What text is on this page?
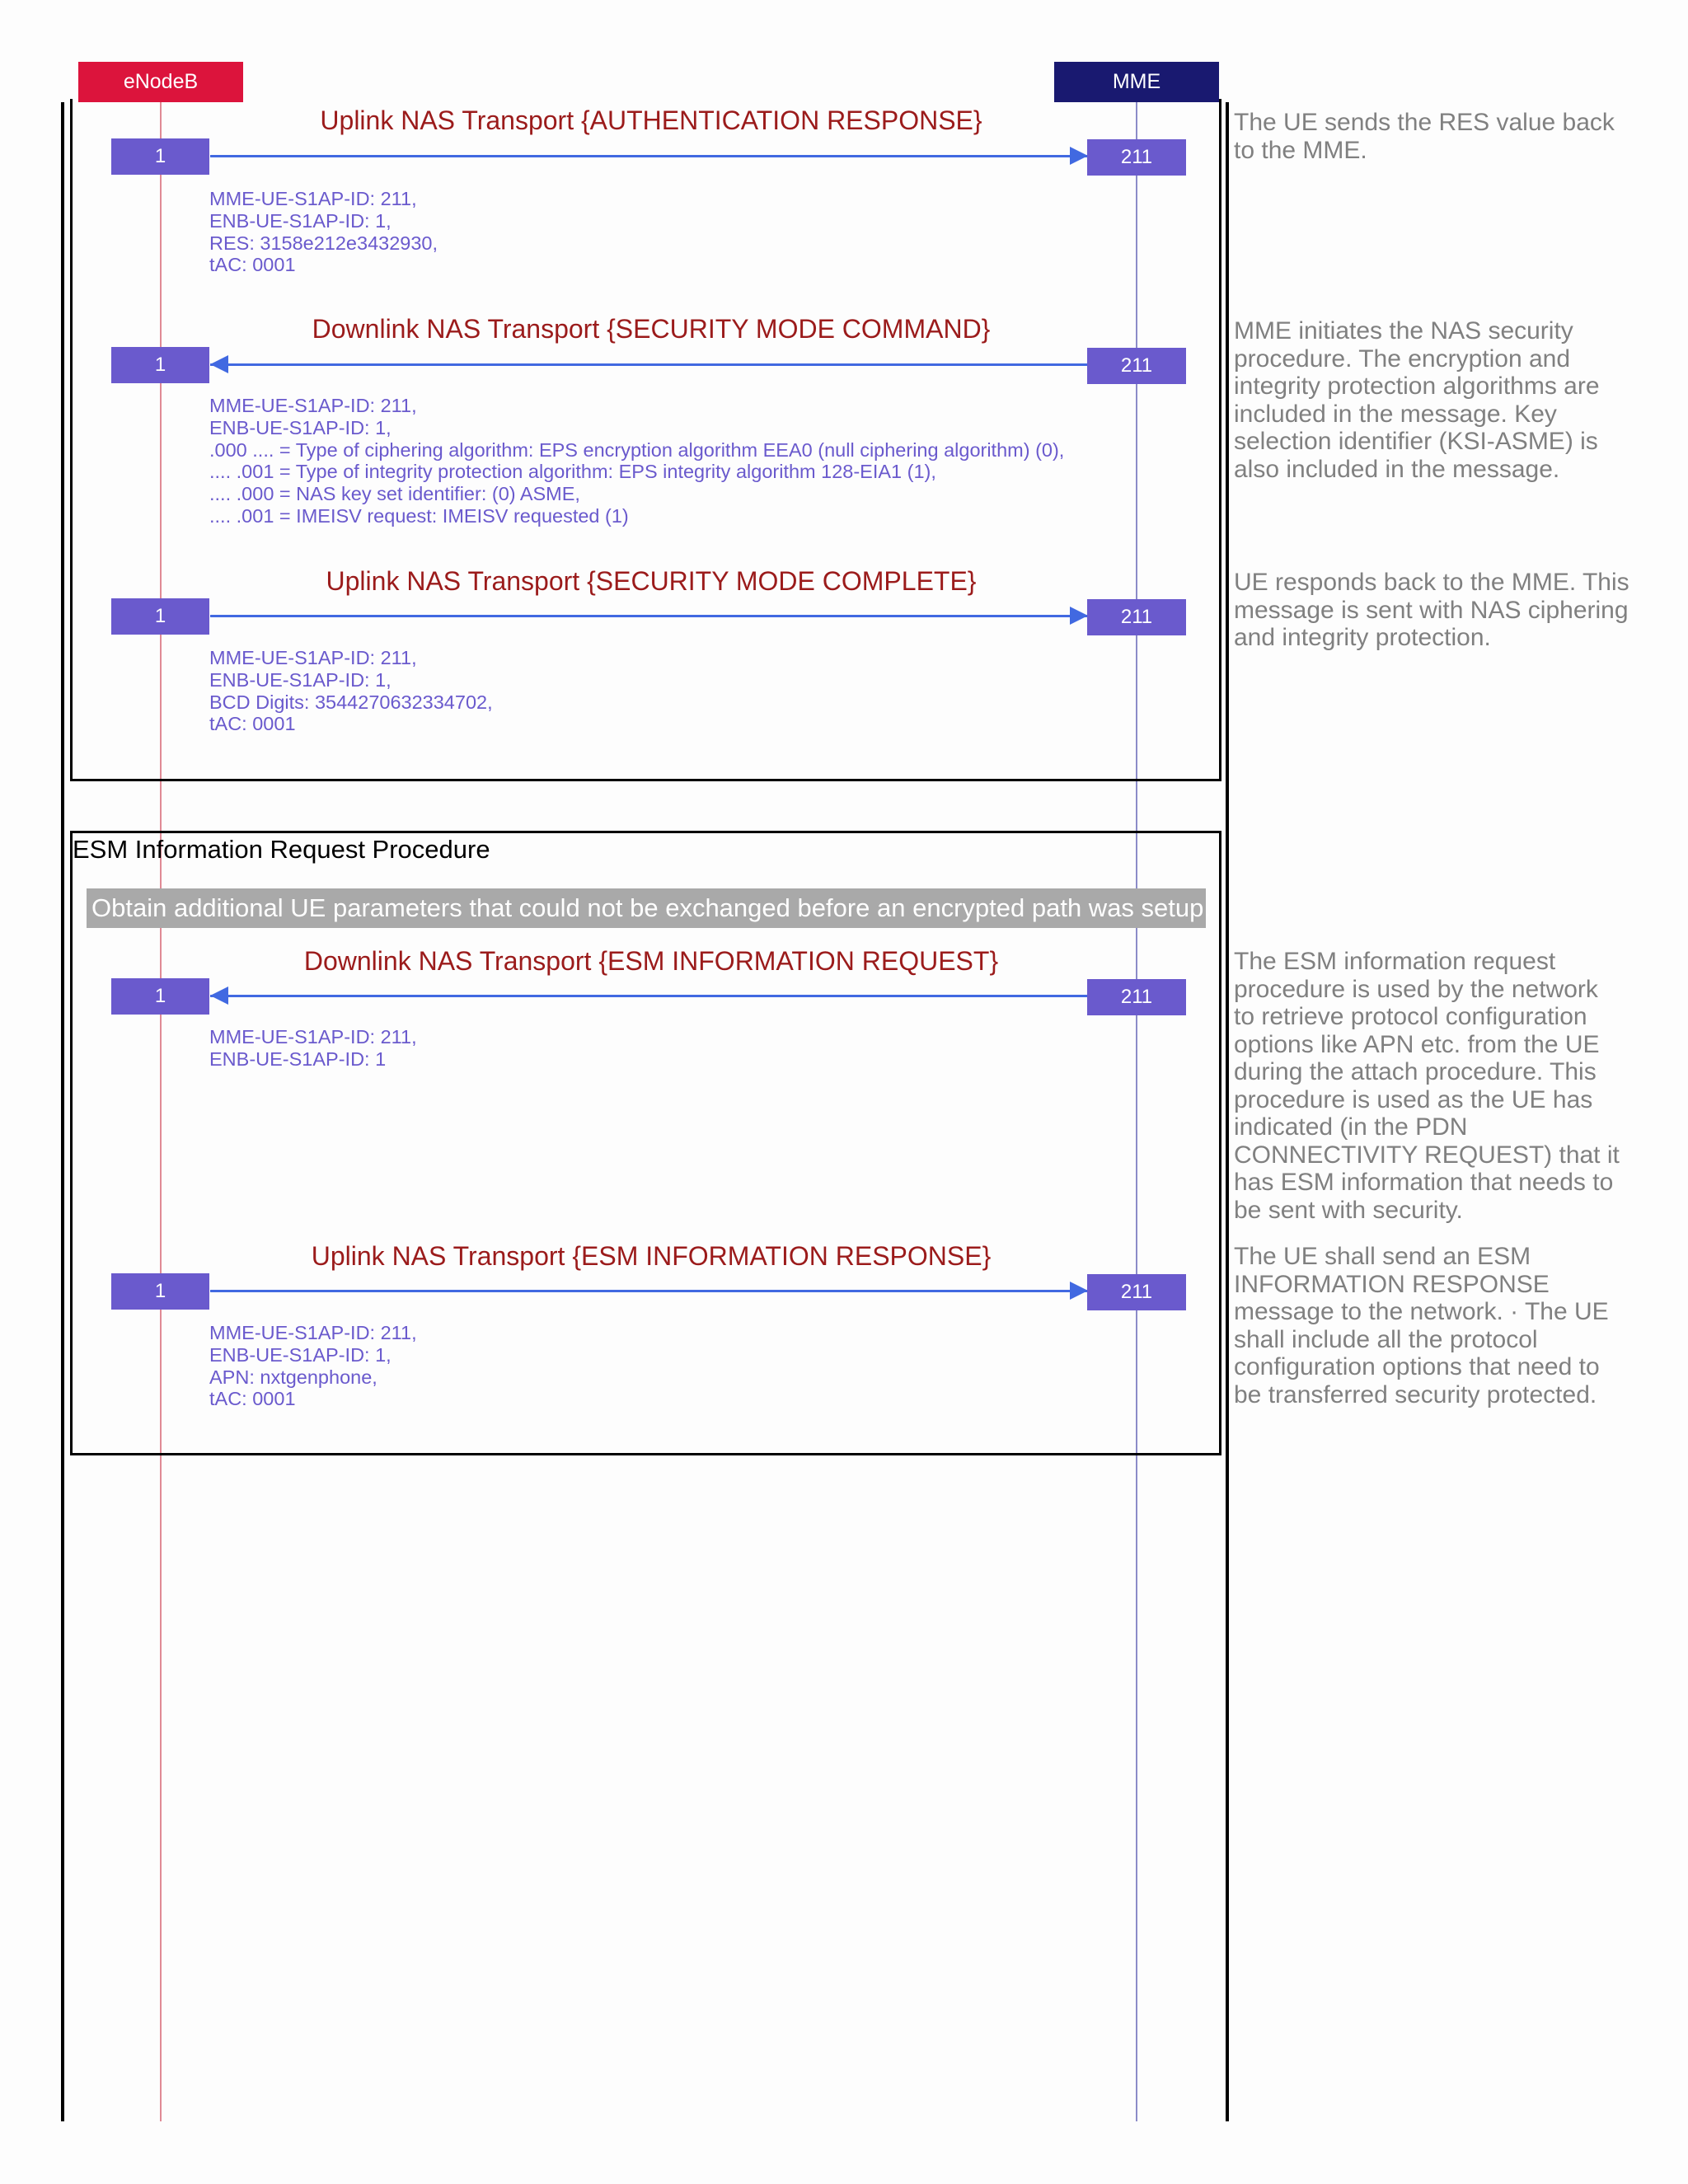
eNodeB	MME
ESM Information Request Procedure
Obtain additional UE parameters that could not be exchanged before an encrypted path was setup.
Uplink NAS Transport {AUTHENTICATION RESPONSE}
1	211
MME-UE-S1AP-ID: 211,
ENB-UE-S1AP-ID: 1,
RES: 3158e212e3432930,
tAC: 0001
The UE sends the RES value back
to the MME.
Downlink NAS Transport {SECURITY MODE COMMAND}
1	211
MME-UE-S1AP-ID: 211,
ENB-UE-S1AP-ID: 1,
.000 .... = Type of ciphering algorithm: EPS encryption algorithm EEA0 (null ciphering algorithm) (0),
.... .001 = Type of integrity protection algorithm: EPS integrity algorithm 128-EIA1 (1),
.... .000 = NAS key set identifier: (0) ASME,
.... .001 = IMEISV request: IMEISV requested (1)
MME initiates the NAS security
procedure. The encryption and
integrity protection algorithms are
included in the message. Key
selection identifier (KSI-ASME) is
also included in the message.
Uplink NAS Transport {SECURITY MODE COMPLETE}
1	211
MME-UE-S1AP-ID: 211,
ENB-UE-S1AP-ID: 1,
BCD Digits: 3544270632334702,
tAC: 0001
UE responds back to the MME. This
message is sent with NAS ciphering
and integrity protection.
Downlink NAS Transport {ESM INFORMATION REQUEST}
1	211
MME-UE-S1AP-ID: 211,
ENB-UE-S1AP-ID: 1
The ESM information request
procedure is used by the network
to retrieve protocol configuration
options like APN etc. from the UE
during the attach procedure. This
procedure is used as the UE has
indicated (in the PDN
CONNECTIVITY REQUEST) that it
has ESM information that needs to
be sent with security.
Uplink NAS Transport {ESM INFORMATION RESPONSE}
1	211
MME-UE-S1AP-ID: 211,
ENB-UE-S1AP-ID: 1,
APN: nxtgenphone,
tAC: 0001
The UE shall send an ESM
INFORMATION RESPONSE
message to the network. · The UE
shall include all the protocol
configuration options that need to
be transferred security protected.
